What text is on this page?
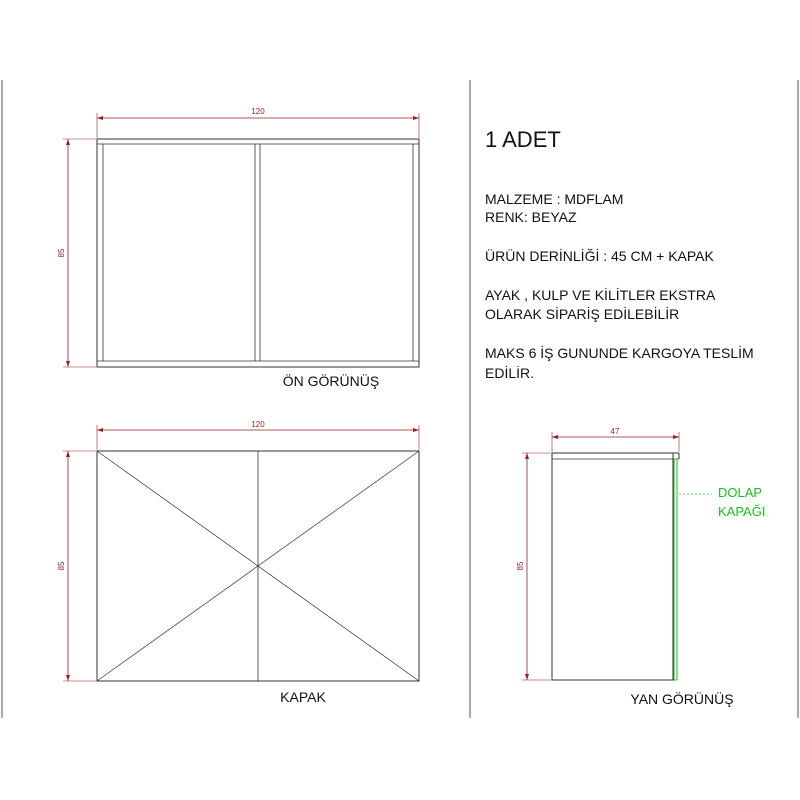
120
85
ÖN GÖRÜNÜŞ
120
85
KAPAK
47
85
DOLAP
KAPAĞI
YAN GÖRÜNÜŞ
1 ADET
MALZEME : MDFLAM
RENK: BEYAZ
ÜRÜN DERİNLİĞİ : 45 CM + KAPAK
AYAK , KULP VE KİLİTLER EKSTRA
OLARAK SİPARİŞ EDİLEBİLİR
MAKS 6 İŞ GUNUNDE KARGOYA TESLİM
EDİLİR.
